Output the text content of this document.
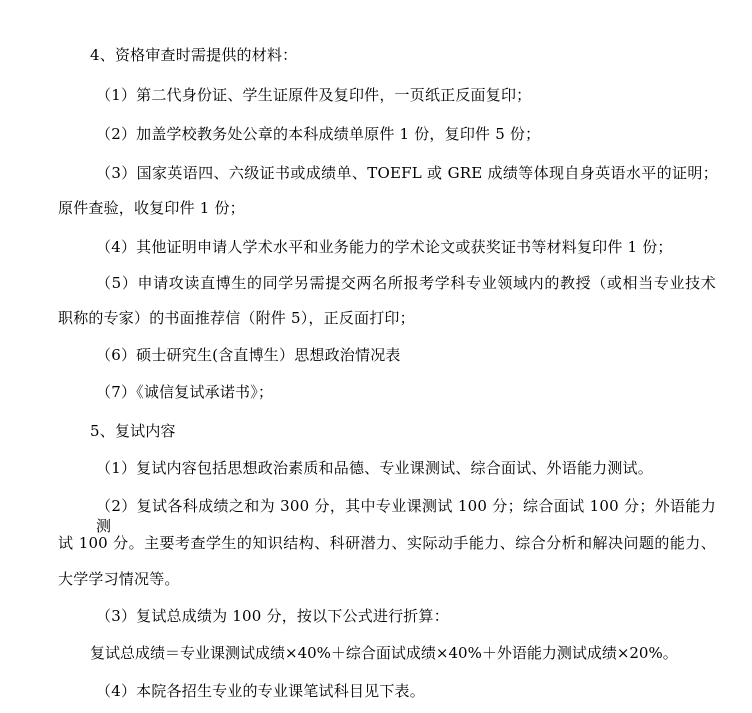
4、资格审查时需提供的材料：
（1）第二代身份证、学生证原件及复印件，一页纸正反面复印；
（2）加盖学校教务处公章的本科成绩单原件 1 份，复印件 5 份；
（3）国家英语四、六级证书或成绩单、TOEFL 或 GRE 成绩等体现自身英语水平的证明；
原件查验，收复印件 1 份；
（4）其他证明申请人学术水平和业务能力的学术论文或获奖证书等材料复印件 1 份；
（5）申请攻读直博生的同学另需提交两名所报考学科专业领域内的教授（或相当专业技术
职称的专家）的书面推荐信（附件 5），正反面打印；
（6）硕士研究生(含直博生）思想政治情况表
（7）《诚信复试承诺书》；
5、复试内容
（1）复试内容包括思想政治素质和品德、专业课测试、综合面试、外语能力测试。
（2）复试各科成绩之和为 300 分，其中专业课测试 100 分；综合面试 100 分；外语能力测
试 100 分。主要考查学生的知识结构、科研潜力、实际动手能力、综合分析和解决问题的能力、
大学学习情况等。
（3）复试总成绩为 100 分，按以下公式进行折算：
复试总成绩＝专业课测试成绩×40%＋综合面试成绩×40%＋外语能力测试成绩×20%。
（4）本院各招生专业的专业课笔试科目见下表。
